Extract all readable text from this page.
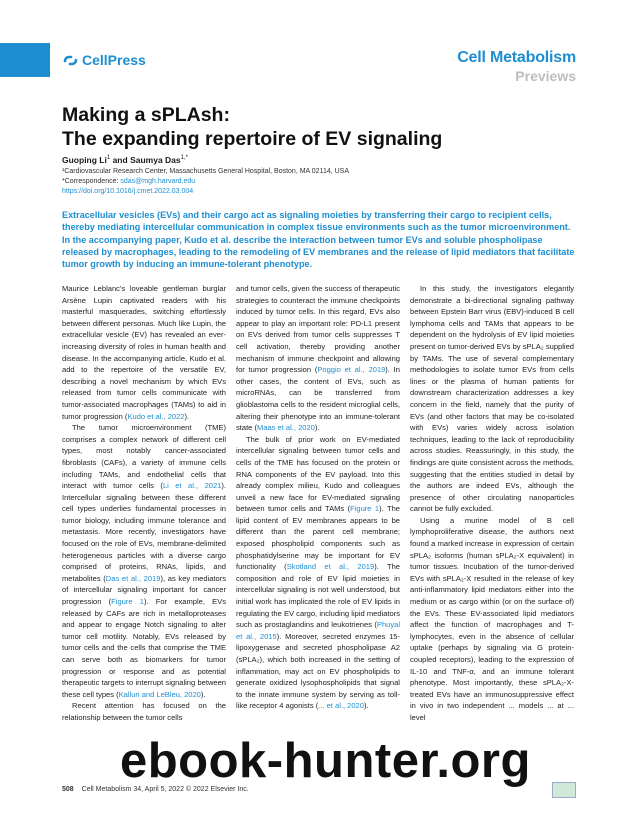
CellPress	Cell Metabolism
Previews
Making a sPLAsh:
The expanding repertoire of EV signaling
Guoping Li$^1$ and Saumya Das$^{1,*}$
¹Cardiovascular Research Center, Massachusetts General Hospital, Boston, MA 02114, USA
*Correspondence: sdas@mgh.harvard.edu
https://doi.org/10.1016/j.cmet.2022.03.004
Extracellular vesicles (EVs) and their cargo act as signaling moieties by transferring their cargo to recipient cells, thereby mediating intercellular communication in complex tissue environments such as the tumor microenvironment. In the accompanying paper, Kudo et al. describe the interaction between tumor EVs and soluble phospholipase released by macrophages, leading to the remodeling of EV membranes and the release of lipid mediators that facilitate tumor growth by inducing an immune-tolerant phenotype.

Maurice Leblanc’s loveable gentleman burglar Arsène Lupin captivated readers with his masterful masquerades, switching effortlessly between different personas. Much like Lupin, the extracellular vesicle (EV) has revealed an ever-increasing diversity of roles in human health and disease. In the accompanying article, Kudo et al. add to the repertoire of the versatile EV, describing a novel mechanism by which EVs released from tumor cells communicate with tumor-associated macrophages (TAMs) to aid in tumor progression (Kudo et al., 2022).

The tumor microenvironment (TME) comprises a complex network of different cell types, most notably cancer-associated fibroblasts (CAFs), a variety of immune cells including TAMs, and endothelial cells that interact with tumor cells (Li et al., 2021). Intercellular signaling between these different cell types underlies fundamental processes in tumor biology, including immune tolerance and metastasis. More recently, investigators have focused on the role of EVs, membrane-delimited heterogeneous particles with a diverse cargo comprised of proteins, RNAs, lipids, and metabolites (Das et al., 2019), as key mediators of intercellular signaling important for cancer progression (Figure 1). For example, EVs released by CAFs are rich in metalloproteases and appear to engage Notch signaling to alter tumor cell motility. Notably, EVs released by tumor cells and the cells that comprise the TME can serve both as biomarkers for tumor progression or response and as potential therapeutic targets to interrupt signaling between these cell types (Kalluri and LeBleu, 2020).

Recent attention has focused on the relationship between the tumor cells

and tumor cells, given the success of therapeutic strategies to counteract the immune checkpoints induced by tumor cells. In this regard, EVs also appear to play an important role: PD-L1 present on EVs derived from tumor cells suppresses T cell activation, thereby providing another mechanism of immune checkpoint and allowing for tumor progression (Poggio et al., 2019). In other cases, the content of EVs, such as microRNAs, can be transferred from glioblastoma cells to the resident microglial cells, altering their phenotype into an immune-tolerant state (Maas et al., 2020).

The bulk of prior work on EV-mediated intercellular signaling between tumor cells and cells of the TME has focused on the protein or RNA components of the EV payload. Into this already complex milieu, Kudo and colleagues unveil a new face for EV-mediated signaling between tumor cells and TAMs (Figure 1). The lipid content of EV membranes appears to be different than the parent cell membrane; exposed phospholipid components such as phosphatidylserine may be important for EV functionality (Skotland et al., 2019). The composition and role of EV lipid moieties in intercellular signaling is not well understood, but initial work has implicated the role of EV lipids in regulating the EV cargo, including lipid mediators such as prostaglandins and leukotrienes (Phuyal et al., 2015). Moreover, secreted enzymes 15-lipoxygenase and secreted phospholipase A2 (sPLA₂), which both increased in the setting of inflammation, may act on EV phospholipids to generate oxidized lysophospholipids that signal to the innate immune system by serving as toll-like receptor 4 agonists (... et al., 2020).

In this study, the investigators elegantly demonstrate a bi-directional signaling pathway between Epstein Barr virus (EBV)-induced B cell lymphoma cells and TAMs that appears to be dependent on the hydrolysis of EV lipid moieties present on tumor-derived EVs by sPLA₂ supplied by TAMs. The use of several complementary methodologies to isolate tumor EVs from cells lines or the plasma of human patients for downstream characterization addresses a key concern in the field, namely that the purity of EVs (and other factors that may be co-isolated with EVs) varies widely across isolation techniques, leading to the lack of reproducibility across studies. Reassuringly, in this study, the findings are quite consistent across the methods, suggesting that the entities studied in detail by the authors are indeed EVs, although the presence of other circulating nanoparticles cannot be fully excluded.

Using a murine model of B cell lymphoproliferative disease, the authors next found a marked increase in expression of certain sPLA₂ isoforms (human sPLA₂-X equivalent) in tumor tissues. Incubation of the tumor-derived EVs with sPLA₂-X resulted in the release of key anti-inflammatory lipid mediators either into the medium or as cargo within (or on the surface of) the EVs. These EV-associated lipid mediators affect the function of macrophages and T-lymphocytes, even in the absence of cellular uptake (perhaps by signaling via G protein-coupled receptors), leading to the expression of IL-10 and TNF-α, and an immune tolerant phenotype. Most importantly, these sPLA₂-X-treated EVs have an immunosuppressive effect in vivo in two independent ... models ... at ... level

ebook-hunter.org
508 Cell Metabolism 34, April 5, 2022 © 2022 Elsevier Inc.
